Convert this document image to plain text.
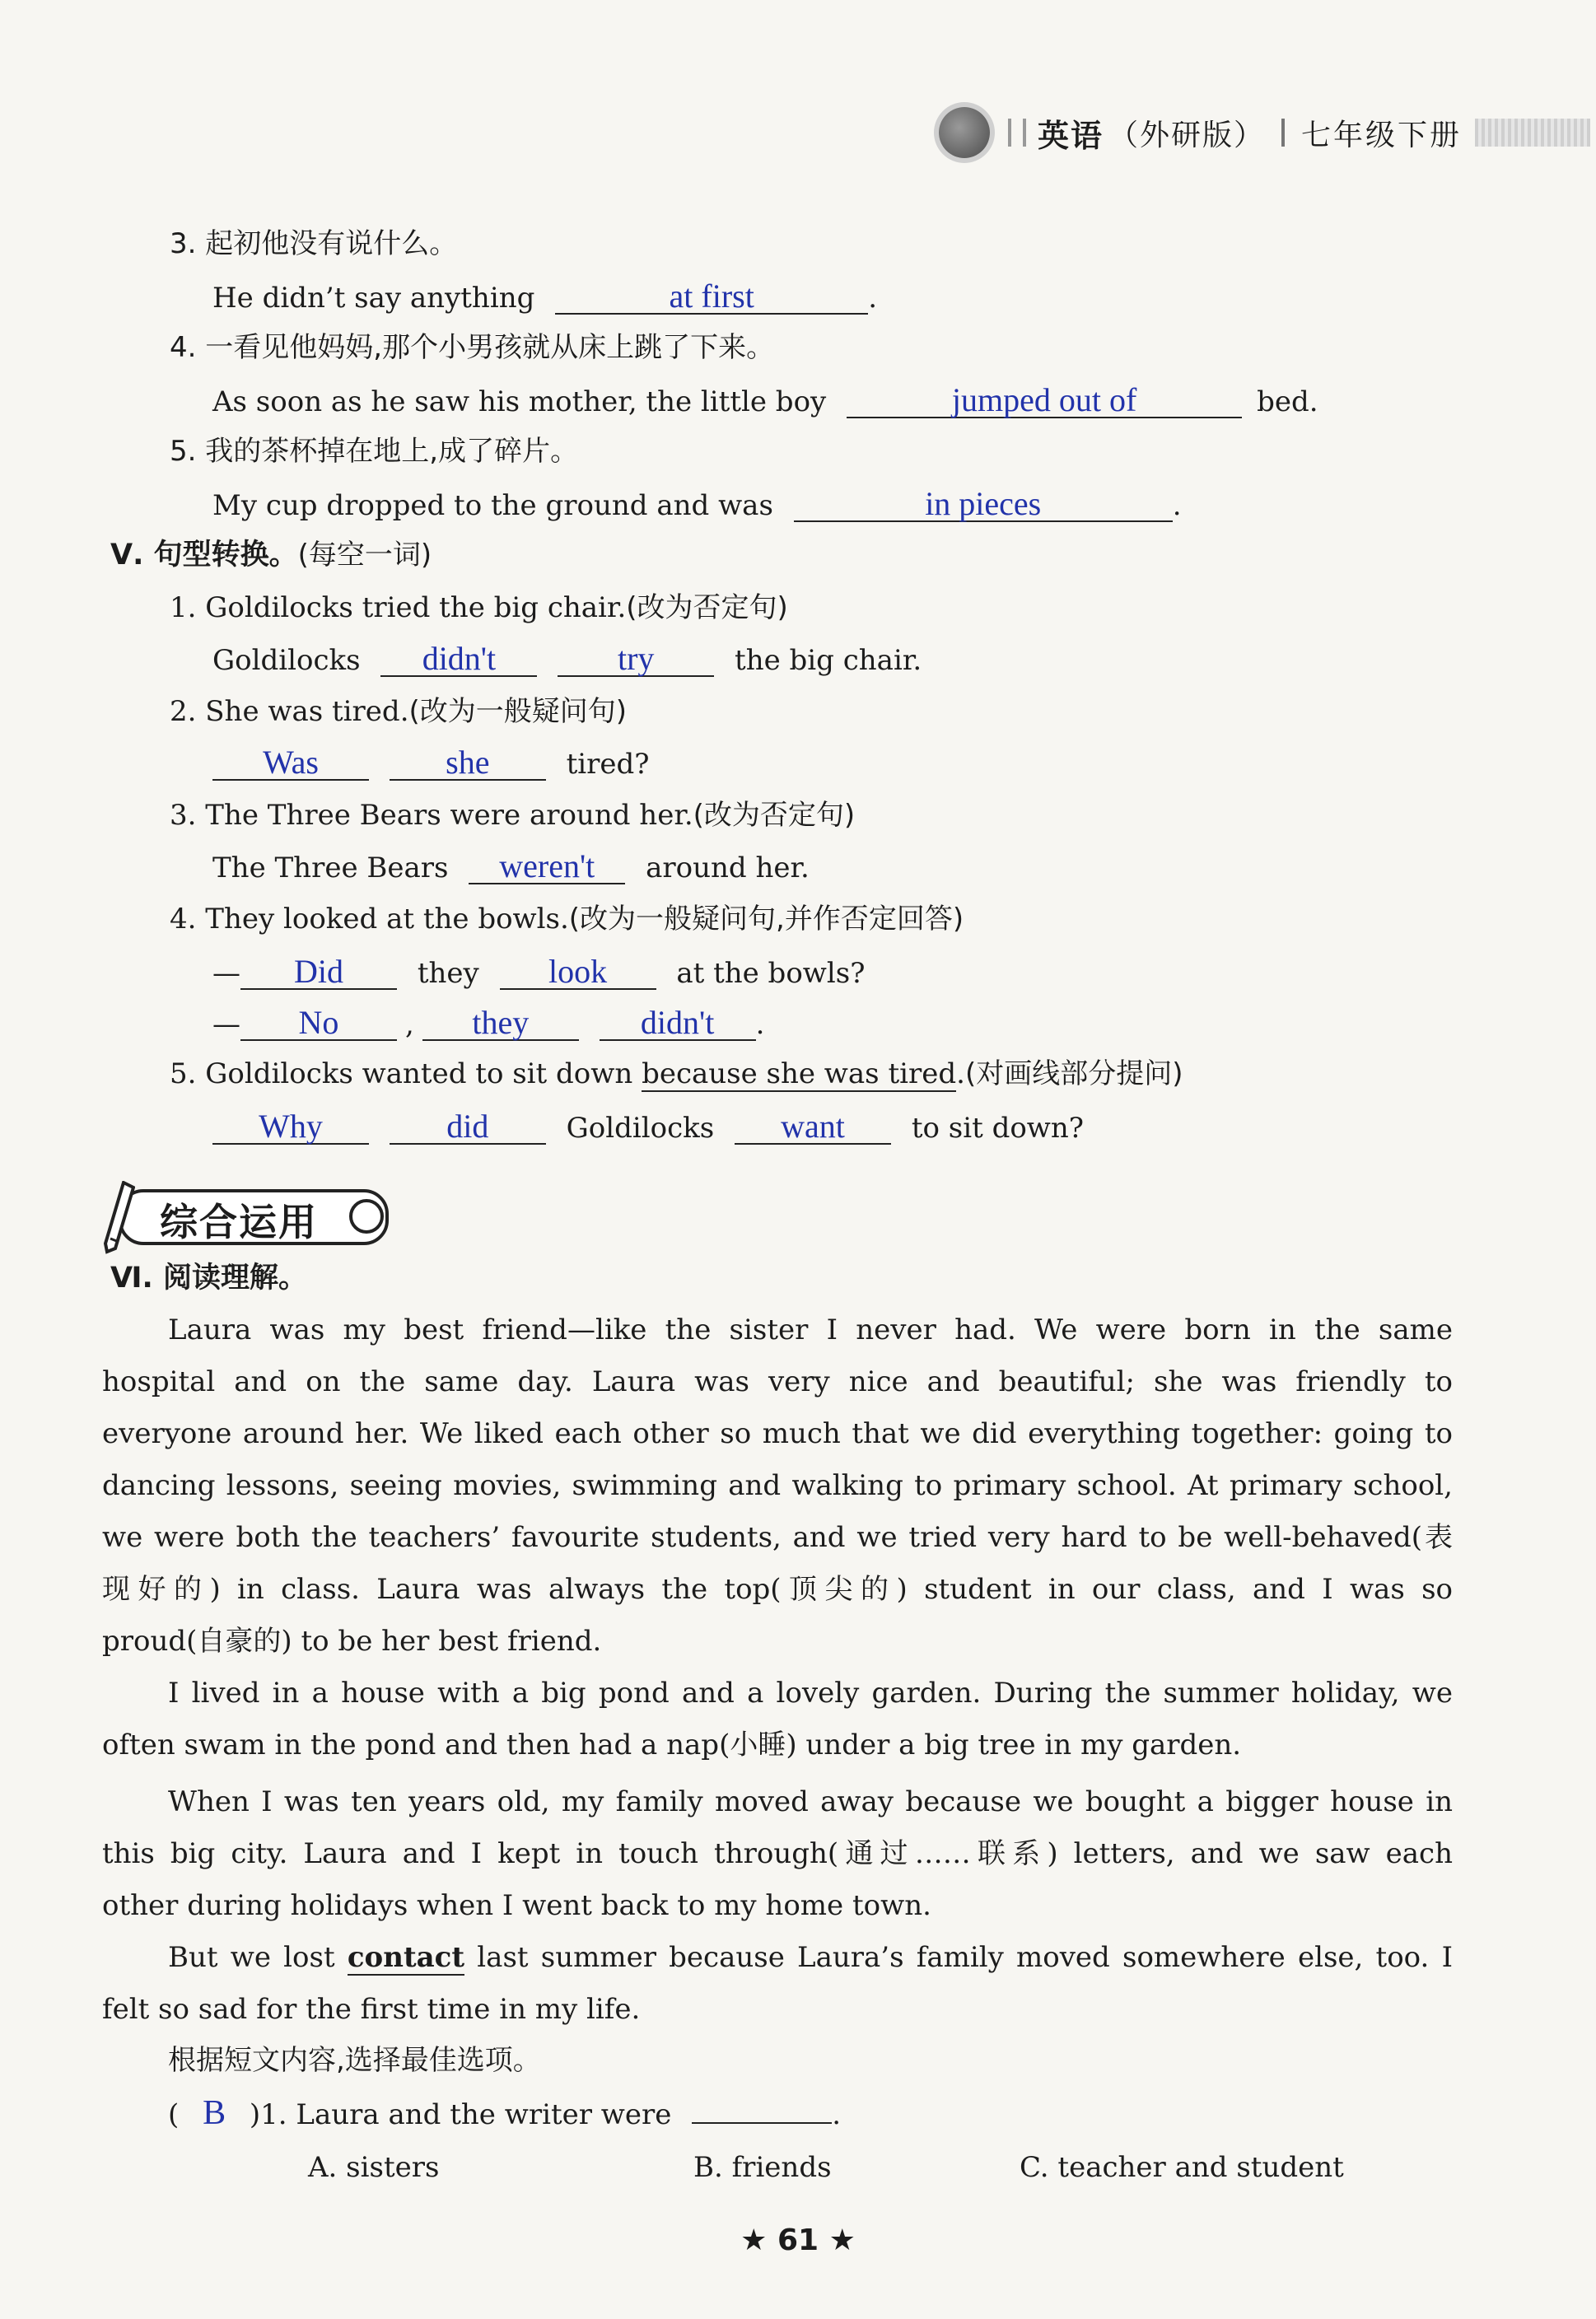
英语 （外研版） 七年级下册
3. 起初他没有说什么。
He didn’t say anything	at first	.
4. 一看见他妈妈,那个小男孩就从床上跳了下来。
As soon as he saw his mother, the little boy	jumped out of	bed.
5. 我的茶杯掉在地上,成了碎片。
My cup dropped to the ground and was	in pieces	.
Ⅴ. 句型转换。(每空一词)
1. Goldilocks tried the big chair.(改为否定句)
Goldilocks didn't	try	the big chair.
2. She was tired.(改为一般疑问句)
Was	she	tired?
3. The Three Bears were around her.(改为否定句)
The Three Bears weren't around her.
4. They looked at the bowls.(改为一般疑问句,并作否定回答)
— Did	they look at the bowls?
— No , they	didn't .
5. Goldilocks wanted to sit down because she was tired.(对画线部分提问)
Why	did	Goldilocks want to sit down?
综合运用
Ⅵ. 阅读理解。
Laura was my best friend—like the sister I never had. We were born in the same
hospital and on the same day. Laura was very nice and beautiful; she was friendly to
everyone around her. We liked each other so much that we did everything together: going to
dancing lessons, seeing movies, swimming and walking to primary school. At primary school,
we were both the teachers’ favourite students, and we tried very hard to be well-behaved(表
现好的) in class. Laura was always the top(顶尖的) student in our class, and I was so
proud(自豪的) to be her best friend.
I lived in a house with a big pond and a lovely garden. During the summer holiday, we
often swam in the pond and then had a nap(小睡) under a big tree in my garden.
When I was ten years old, my family moved away because we bought a bigger house in
this big city. Laura and I kept in touch through(通过……联系) letters, and we saw each
other during holidays when I went back to my home town.
But we lost contact last summer because Laura’s family moved somewhere else, too. I
felt so sad for the first time in my life.
根据短文内容,选择最佳选项。
( B )1. Laura and the writer were	.
A. sisters	B. friends	C. teacher and student
★ 61 ★
